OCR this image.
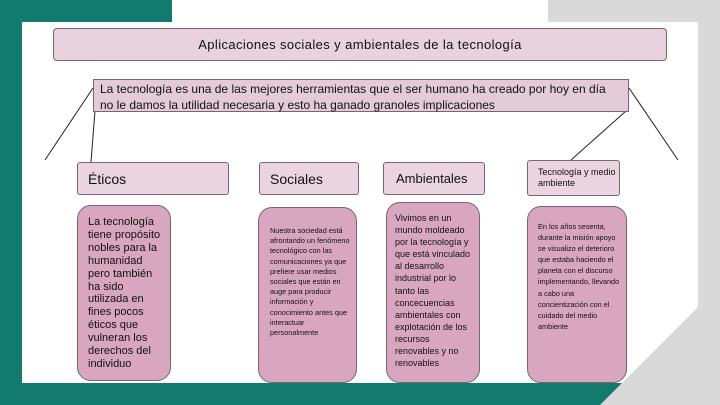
Aplicaciones sociales y ambientales de la tecnología
La tecnología es una de las mejores herramientas que el ser humano ha creado por hoy en día no le damos la utilidad necesaria y esto ha ganado granoles implicaciones
Éticos	Sociales	Ambientales	Tecnología y medio ambiente
La tecnología tiene propósito nobles para la humanidad pero también ha sido utilizada en fines pocos éticos que vulneran los derechos del individuo
Nuestra sociedad está afrontando un fenómeno tecnológico con las comunicaciones ya que prefiere usar medios sociales que están en auge para producir información y conocimiento antes que interactuar personalmente
Vivimos en un mundo moldeado por la tecnología y que está vinculado al desarrollo industrial por lo tanto las concecuencias ambientales con explotación de los recursos renovables y no renovables
En los años sesenta, durante la misión apoyo se visualizo el deterioro que estaba haciendo el planeta con el discurso implementando, llevando a cabo una concientización con el cuidado del medio ambiente
